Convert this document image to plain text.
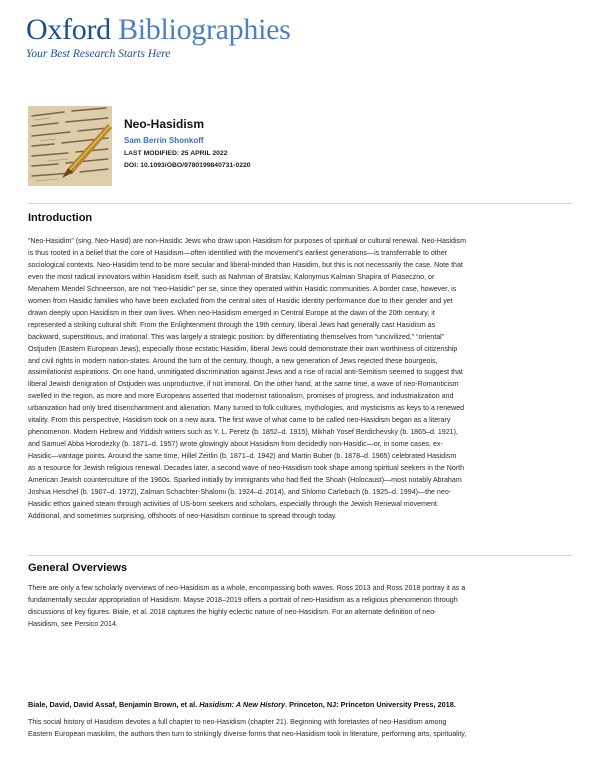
Oxford Bibliographies
Your Best Research Starts Here
Neo-Hasidism
Sam Berrin Shonkoff
LAST MODIFIED: 25 APRIL 2022
DOI: 10.1093/OBO/9780199840731-0220
Introduction
“Neo-Hasidim” (sing. Neo-Hasid) are non-Hasidic Jews who draw upon Hasidism for purposes of spiritual or cultural renewal. Neo-Hasidism
is thus rooted in a belief that the core of Hasidism—often identified with the movement’s earliest generations—is transferrable to other
sociological contexts. Neo-Hasidim tend to be more secular and liberal-minded than Hasidim, but this is not necessarily the case. Note that
even the most radical innovators within Hasidism itself, such as Nahman of Bratslav, Kalonymus Kalman Shapira of Piasecznο, or
Menahem Mendel Schneerson, are not “neo-Hasidic” per se, since they operated within Hasidic communities. A border case, however, is
women from Hasidic families who have been excluded from the central sites of Hasidic identity performance due to their gender and yet
drawn deeply upon Hasidism in their own lives. When neo-Hasidism emerged in Central Europe at the dawn of the 20th century, it
represented a striking cultural shift. From the Enlightenment through the 19th century, liberal Jews had generally cast Hasidism as
backward, superstitious, and irrational. This was largely a strategic position: by differentiating themselves from “uncivilized,” “oriental”
Ostjuden (Eastern European Jews), especially those ecstatic Hasidim, liberal Jews could demonstrate their own worthiness of citizenship
and civil rights in modern nation-states. Around the turn of the century, though, a new generation of Jews rejected these bourgeois,
assimilationist aspirations. On one hand, unmitigated discrimination against Jews and a rise of racial anti-Semitism seemed to suggest that
liberal Jewish denigration of Ostjuden was unproductive, if not immoral. On the other hand, at the same time, a wave of neo-Romanticism
swelled in the region, as more and more Europeans asserted that modernist rationalism, promises of progress, and industrialization and
urbanization had only bred disenchantment and alienation. Many turned to folk cultures, mythologies, and mysticisms as keys to a renewed
vitality. From this perspective, Hasidism took on a new aura. The first wave of what came to be called neo-Hasidism began as a literary
phenomenon. Modern Hebrew and Yiddish writers such as Y. L. Peretz (b. 1852–d. 1915), Mikhah Yosef Berdichevsky (b. 1865–d. 1921),
and Samuel Abba Horodezky (b. 1871–d. 1957) wrote glowingly about Hasidism from decidedly non-Hasidic—or, in some cases, ex-
Hasidic—vantage points. Around the same time, Hillel Zeitlin (b. 1871–d. 1942) and Martin Buber (b. 1878–d. 1965) celebrated Hasidism
as a resource for Jewish religious renewal. Decades later, a second wave of neo-Hasidism took shape among spiritual seekers in the North
American Jewish counterculture of the 1960s. Sparked initially by immigrants who had fled the Shoah (Holocaust)—most notably Abraham
Joshua Heschel (b. 1907–d. 1972), Zalman Schachter-Shalomi (b. 1924–d. 2014), and Shlomo Carlebach (b. 1925–d. 1994)—the neo-
Hasidic ethos gained steam through activities of US-born seekers and scholars, especially through the Jewish Renewal movement.
Additional, and sometimes surprising, offshoots of neo-Hasidism continue to spread through today.
General Overviews
There are only a few scholarly overviews of neo-Hasidism as a whole, encompassing both waves. Ross 2013 and Ross 2018 portray it as a
fundamentally secular appropriation of Hasidism. Mayse 2018–2019 offers a portrait of neo-Hasidism as a religious phenomenon through
discussions of key figures. Biale, et al. 2018 captures the highly eclectic nature of neo-Hasidism. For an alternate definition of neo-
Hasidism, see Persico 2014.
Biale, David, David Assaf, Benjamin Brown, et al. Hasidism: A New History. Princeton, NJ: Princeton University Press, 2018.
This social history of Hasidism devotes a full chapter to neo-Hasidism (chapter 21). Beginning with foretastes of neo-Hasidism among
Eastern European maskilim, the authors then turn to strikingly diverse forms that neo-Hasidism took in literature, performing arts, spirituality,
